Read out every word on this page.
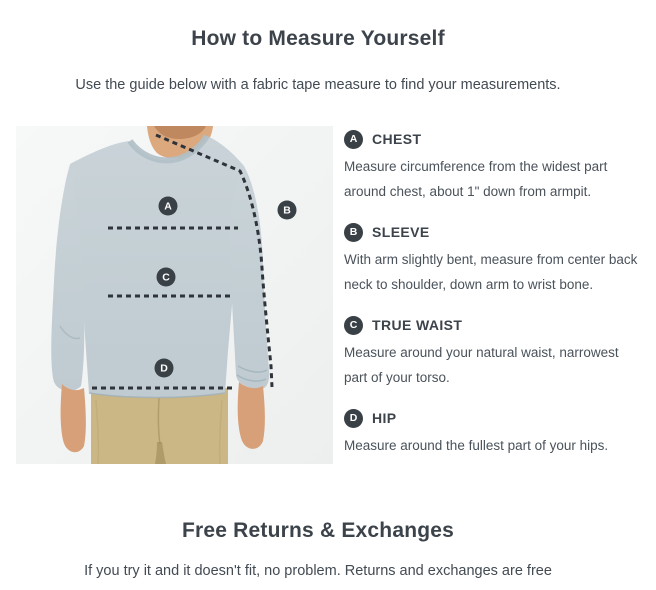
How to Measure Yourself

Use the guide below with a fabric tape measure to find your measurements.

A	B
C
D
A	CHEST
Measure circumference from the widest part around chest, about 1" down from armpit.
B	SLEEVE
With arm slightly bent, measure from center back neck to shoulder, down arm to wrist bone.
C	TRUE WAIST
Measure around your natural waist, narrowest part of your torso.
D	HIP
Measure around the fullest part of your hips.
Free Returns & Exchanges

If you try it and it doesn't fit, no problem. Returns and exchanges are free
